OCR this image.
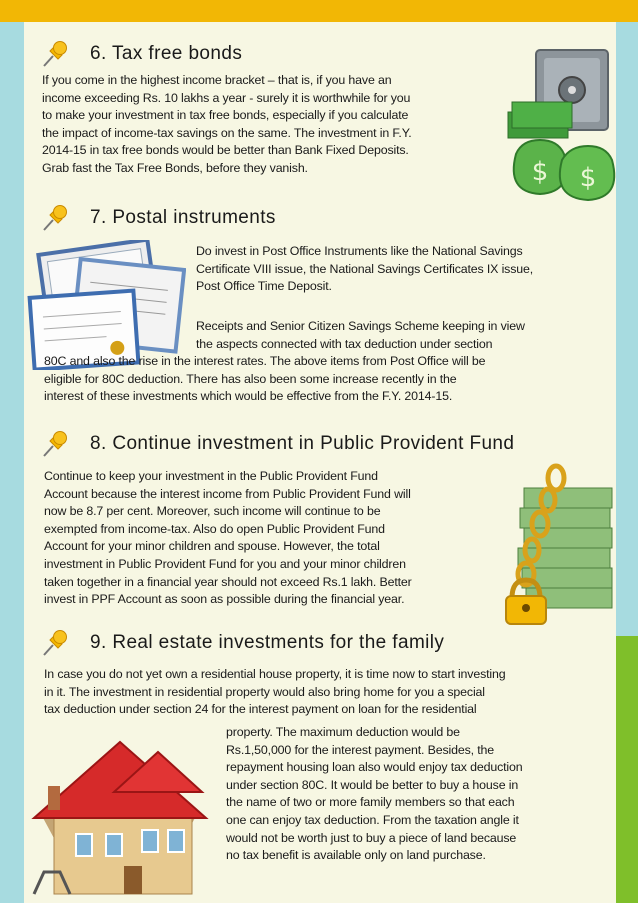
6. Tax free bonds

If you come in the highest income bracket – that is, if you have an
income exceeding Rs. 10 lakhs a year - surely it is worthwhile for you
to make your investment in tax free bonds, especially if you calculate
the impact of income-tax savings on the same. The investment in F.Y.
2014-15 in tax free bonds would be better than Bank Fixed Deposits.
Grab fast the Tax Free Bonds, before they vanish.	$ $
7. Postal instruments

Do invest in Post Office Instruments like the National Savings
Certificate VIII issue, the National Savings Certificates IX issue,
Post Office Time Deposit.

Receipts and Senior Citizen Savings Scheme keeping in view
the aspects connected with tax deduction under section

80C and also the rise in the interest rates. The above items from Post Office will be
eligible for 80C deduction. There has also been some increase recently in the
interest of these investments which would be effective from the F.Y. 2014-15.

8. Continue investment in Public Provident Fund

Continue to keep your investment in the Public Provident Fund
Account because the interest income from Public Provident Fund will
now be 8.7 per cent. Moreover, such income will continue to be
exempted from income-tax. Also do open Public Provident Fund
Account for your minor children and spouse. However, the total
investment in Public Provident Fund for you and your minor children
taken together in a financial year should not exceed Rs.1 lakh. Better
invest in PPF Account as soon as possible during the financial year.

9. Real estate investments for the family

In case you do not yet own a residential house property, it is time now to start investing
in it. The investment in residential property would also bring home for you a special
tax deduction under section 24 for the interest payment on loan for the residential

property. The maximum deduction would be
Rs.1,50,000 for the interest payment. Besides, the
repayment housing loan also would enjoy tax deduction
under section 80C. It would be better to buy a house in
the name of two or more family members so that each
one can enjoy tax deduction. From the taxation angle it
would not be worth just to buy a piece of land because
no tax benefit is available only on land purchase.
